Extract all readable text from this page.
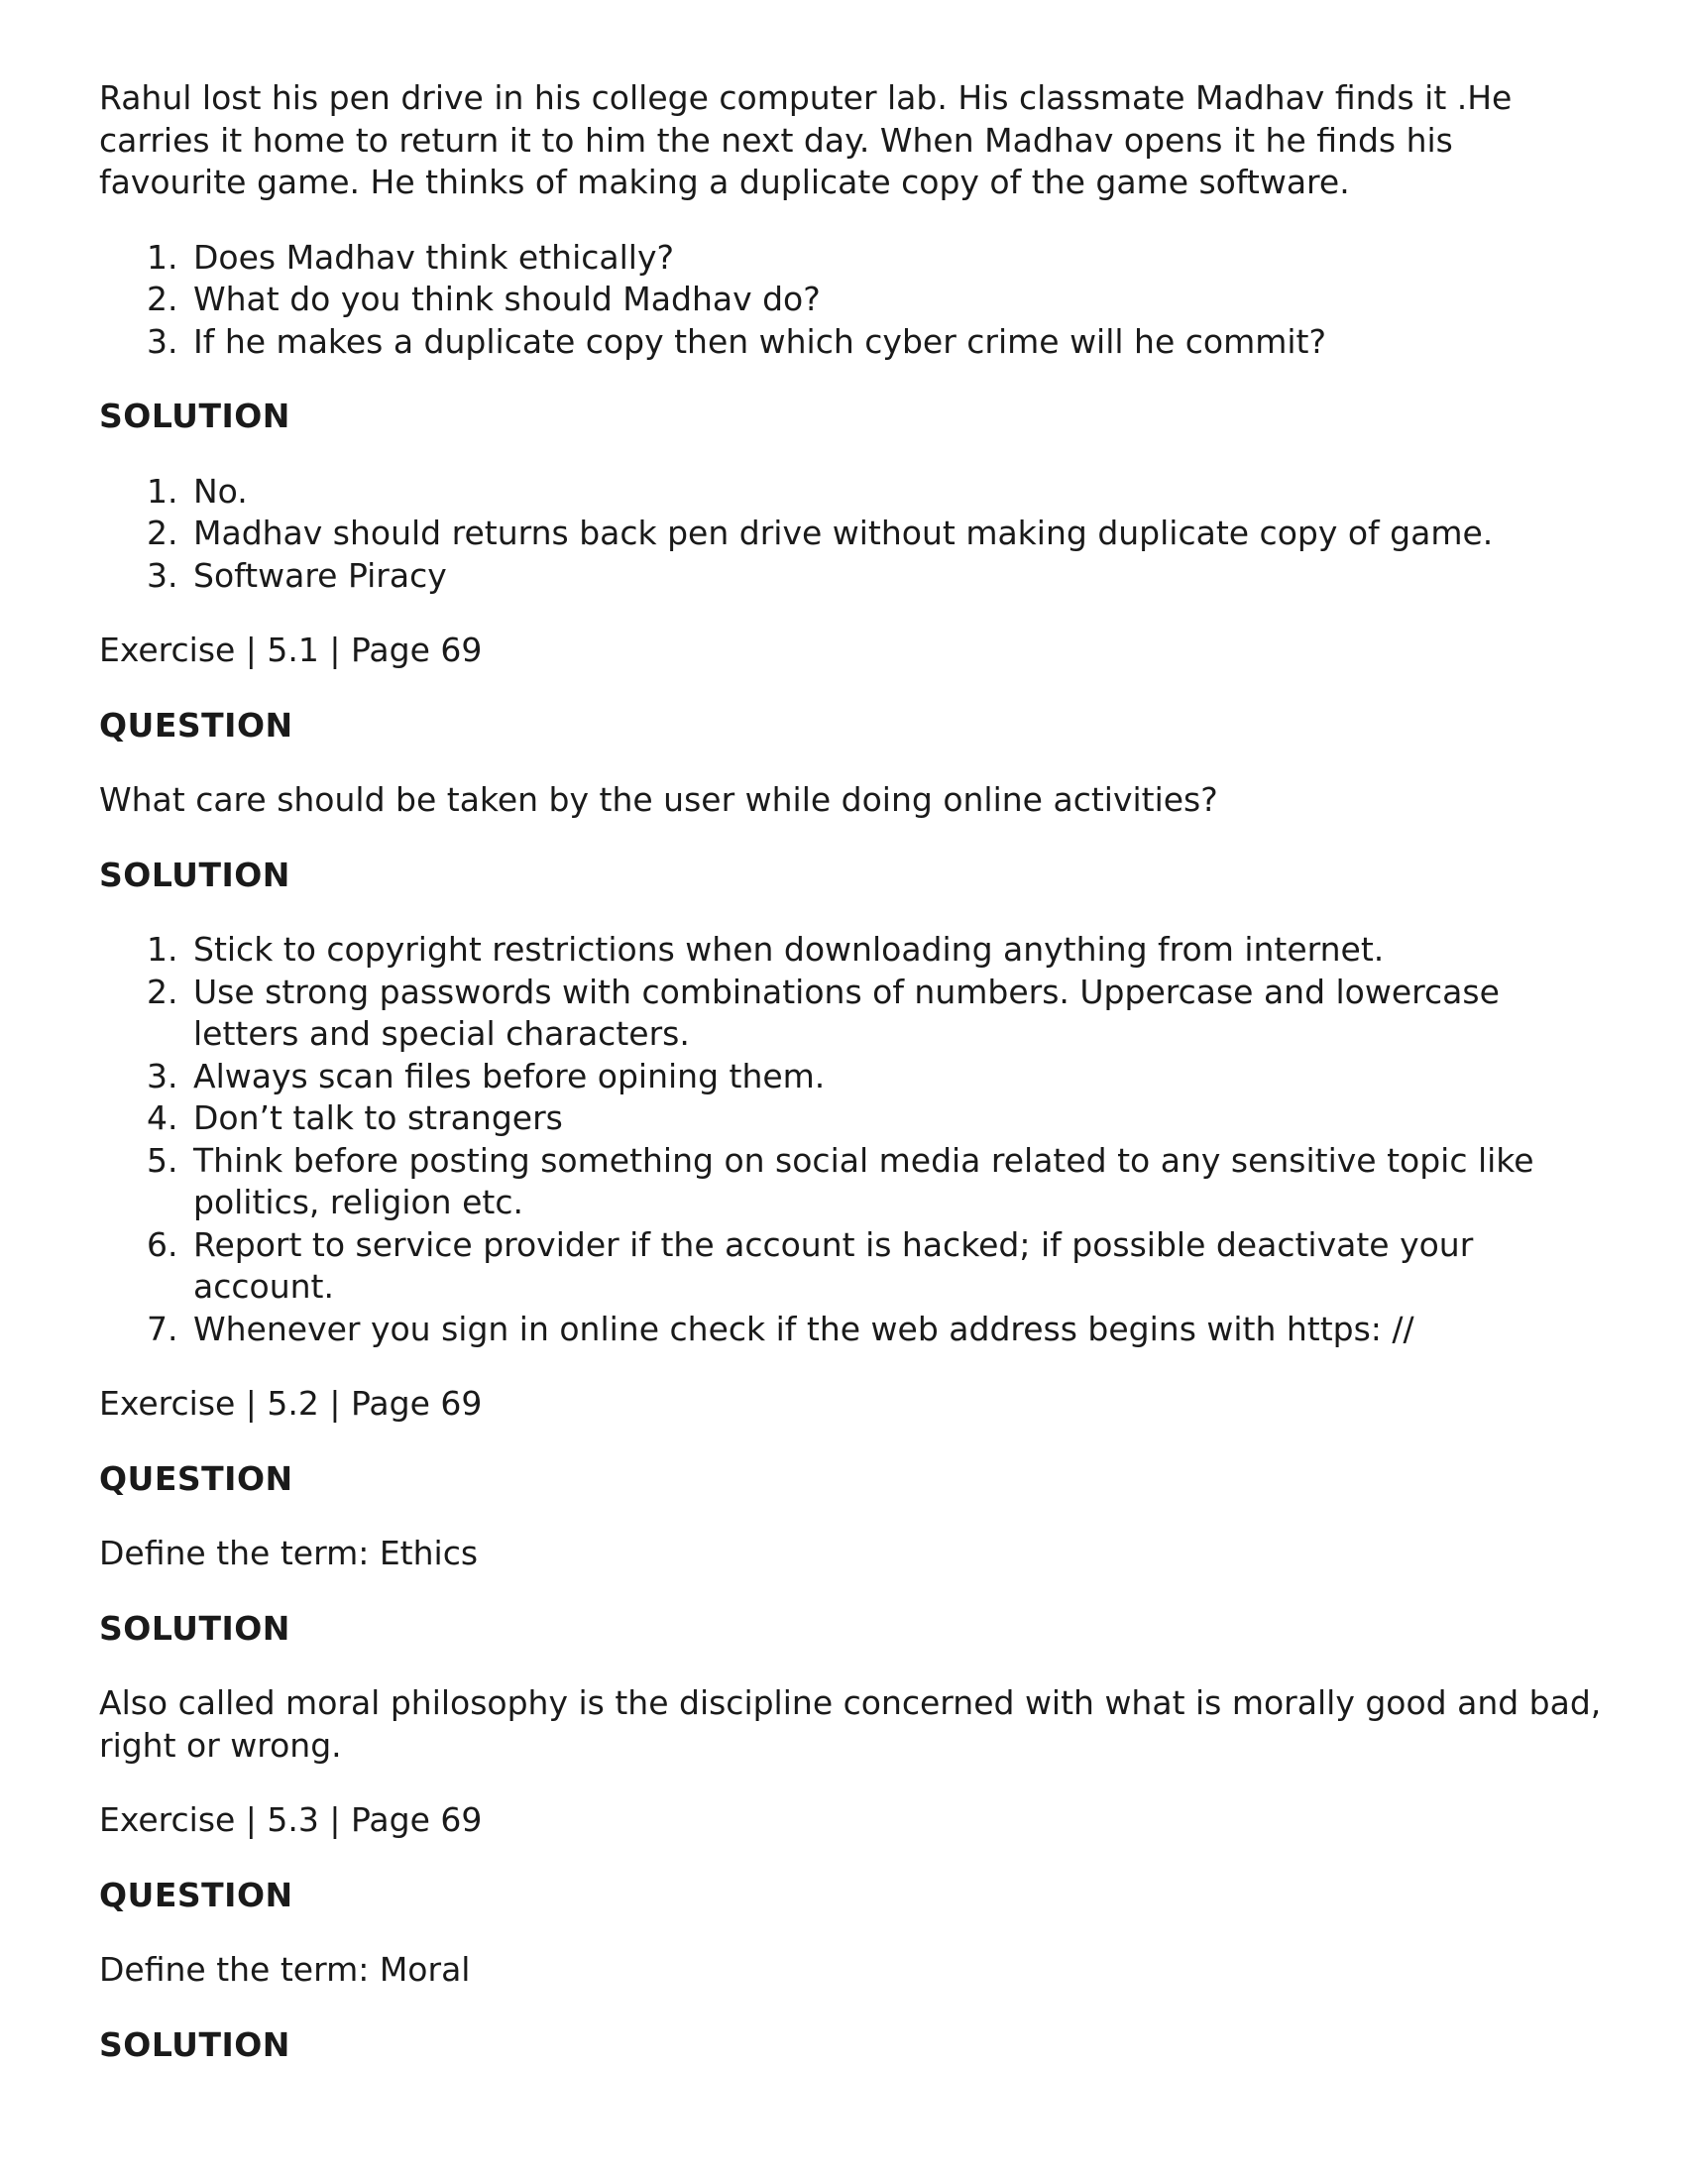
Rahul lost his pen drive in his college computer lab. His classmate Madhav finds it .He carries it home to return it to him the next day. When Madhav opens it he finds his favourite game. He thinks of making a duplicate copy of the game software.

1. Does Madhav think ethically?
2. What do you think should Madhav do?
3. If he makes a duplicate copy then which cyber crime will he commit?

SOLUTION

1. No.
2. Madhav should returns back pen drive without making duplicate copy of game.
3. Software Piracy

Exercise | 5.1 | Page 69

QUESTION

What care should be taken by the user while doing online activities?

SOLUTION

1. Stick to copyright restrictions when downloading anything from internet.
2. Use strong passwords with combinations of numbers. Uppercase and lowercase letters and special characters.
3. Always scan files before opining them.
4. Don’t talk to strangers
5. Think before posting something on social media related to any sensitive topic like politics, religion etc.
6. Report to service provider if the account is hacked; if possible deactivate your account.
7. Whenever you sign in online check if the web address begins with https: //

Exercise | 5.2 | Page 69

QUESTION

Define the term: Ethics

SOLUTION

Also called moral philosophy is the discipline concerned with what is morally good and bad, right or wrong.

Exercise | 5.3 | Page 69

QUESTION

Define the term: Moral

SOLUTION
